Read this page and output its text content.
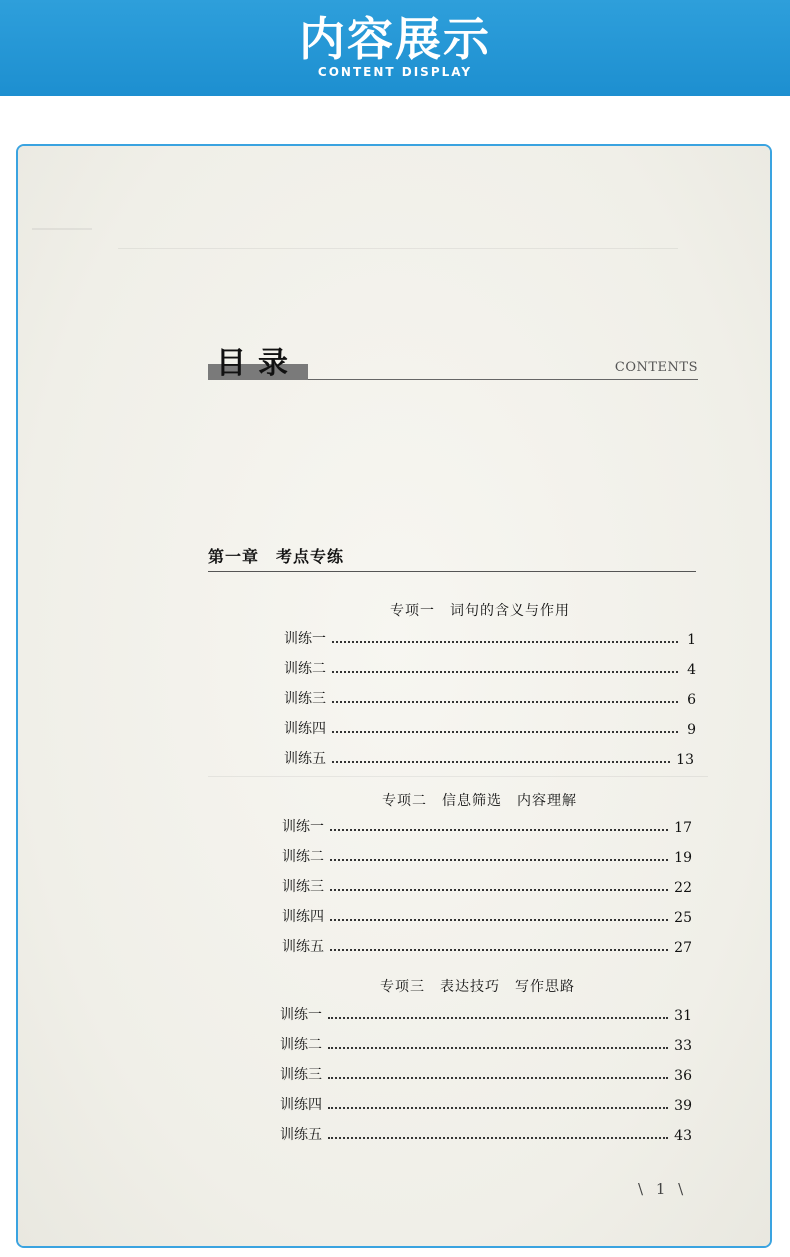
内容展示
CONTENT DISPLAY
目录	CONTENTS
第一章　考点专练
专项一　词句的含义与作用
训练一	1
训练二	4
训练三	6
训练四	9
训练五	13
专项二　信息筛选　内容理解
训练一	17
训练二	19
训练三	22
训练四	25
训练五	27
专项三　表达技巧　写作思路
训练一	31
训练二	33
训练三	36
训练四	39
训练五	43
\ 1 \
